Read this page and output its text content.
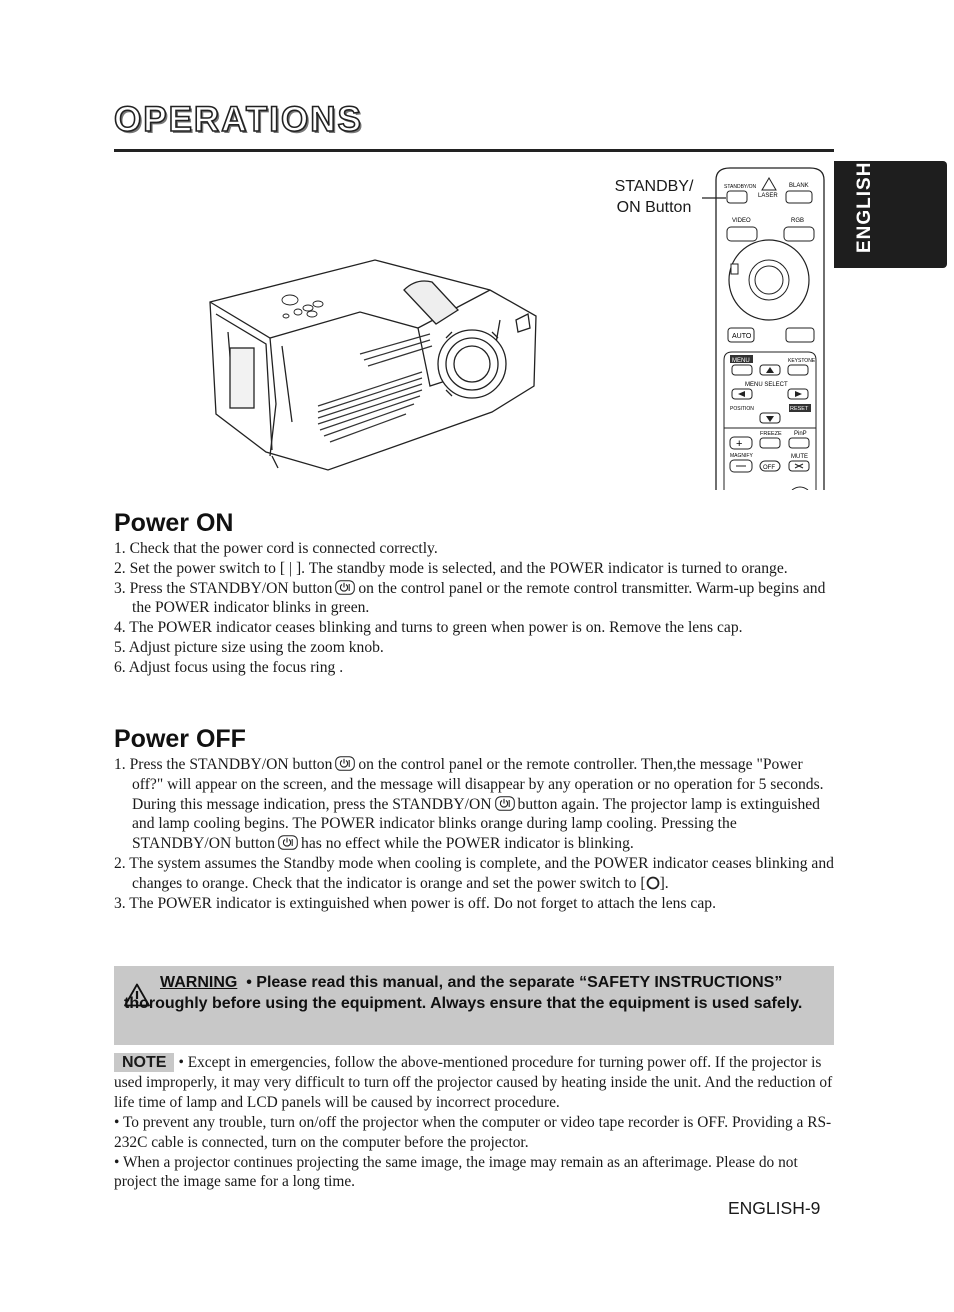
OPERATIONS
ENGLISH
STANDBY/
ON Button
STANDBY/ON
LASER
BLANK
VIDEO	RGB
AUTO
MENU	KEYSTONE
MENU SELECT
POSITION	RESET
FREEZE PinP
+
MAGNIFY	MUTE
OFF
Power ON
1. Check that the power cord is connected correctly.
2. Set the power switch to [ | ]. The standby mode is selected, and the POWER indicator is turned to orange.
3. Press the STANDBY/ON button on the control panel or the remote control transmitter. Warm-up begins and the POWER indicator blinks in green.
4. The POWER indicator ceases blinking and turns to green when power is on. Remove the lens cap.
5. Adjust picture size using the zoom knob.
6. Adjust focus using the focus ring .
Power OFF
1. Press the STANDBY/ON button on the control panel or the remote controller. Then,the message "Power off?" will appear on the screen, and the message will disappear by any operation or no operation for 5 seconds. During this message indication, press the STANDBY/ON button again. The projector lamp is extinguished and lamp cooling begins. The POWER indicator blinks orange during lamp cooling. Pressing the STANDBY/ON button has no effect while the POWER indicator is blinking.
2. The system assumes the Standby mode when cooling is complete, and the POWER indicator ceases blinking and changes to orange. Check that the indicator is orange and set the power switch to [ ].
3. The POWER indicator is extinguished when power is off. Do not forget to attach the lens cap.
WARNING • Please read this manual, and the separate “SAFETY INSTRUCTIONS” thoroughly before using the equipment. Always ensure that the equipment is used safely.
NOTE • Except in emergencies, follow the above-mentioned procedure for turning power off. If the projector is used improperly, it may very difficult to turn off the projector caused by heating inside the unit. And the reduction of life time of lamp and LCD panels will be caused by incorrect procedure.
• To prevent any trouble, turn on/off the projector when the computer or video tape recorder is OFF. Providing a RS-232C cable is connected, turn on the computer before the projector.
• When a projector continues projecting the same image, the image may remain as an afterimage. Please do not project the image same for a long time.
ENGLISH-9
